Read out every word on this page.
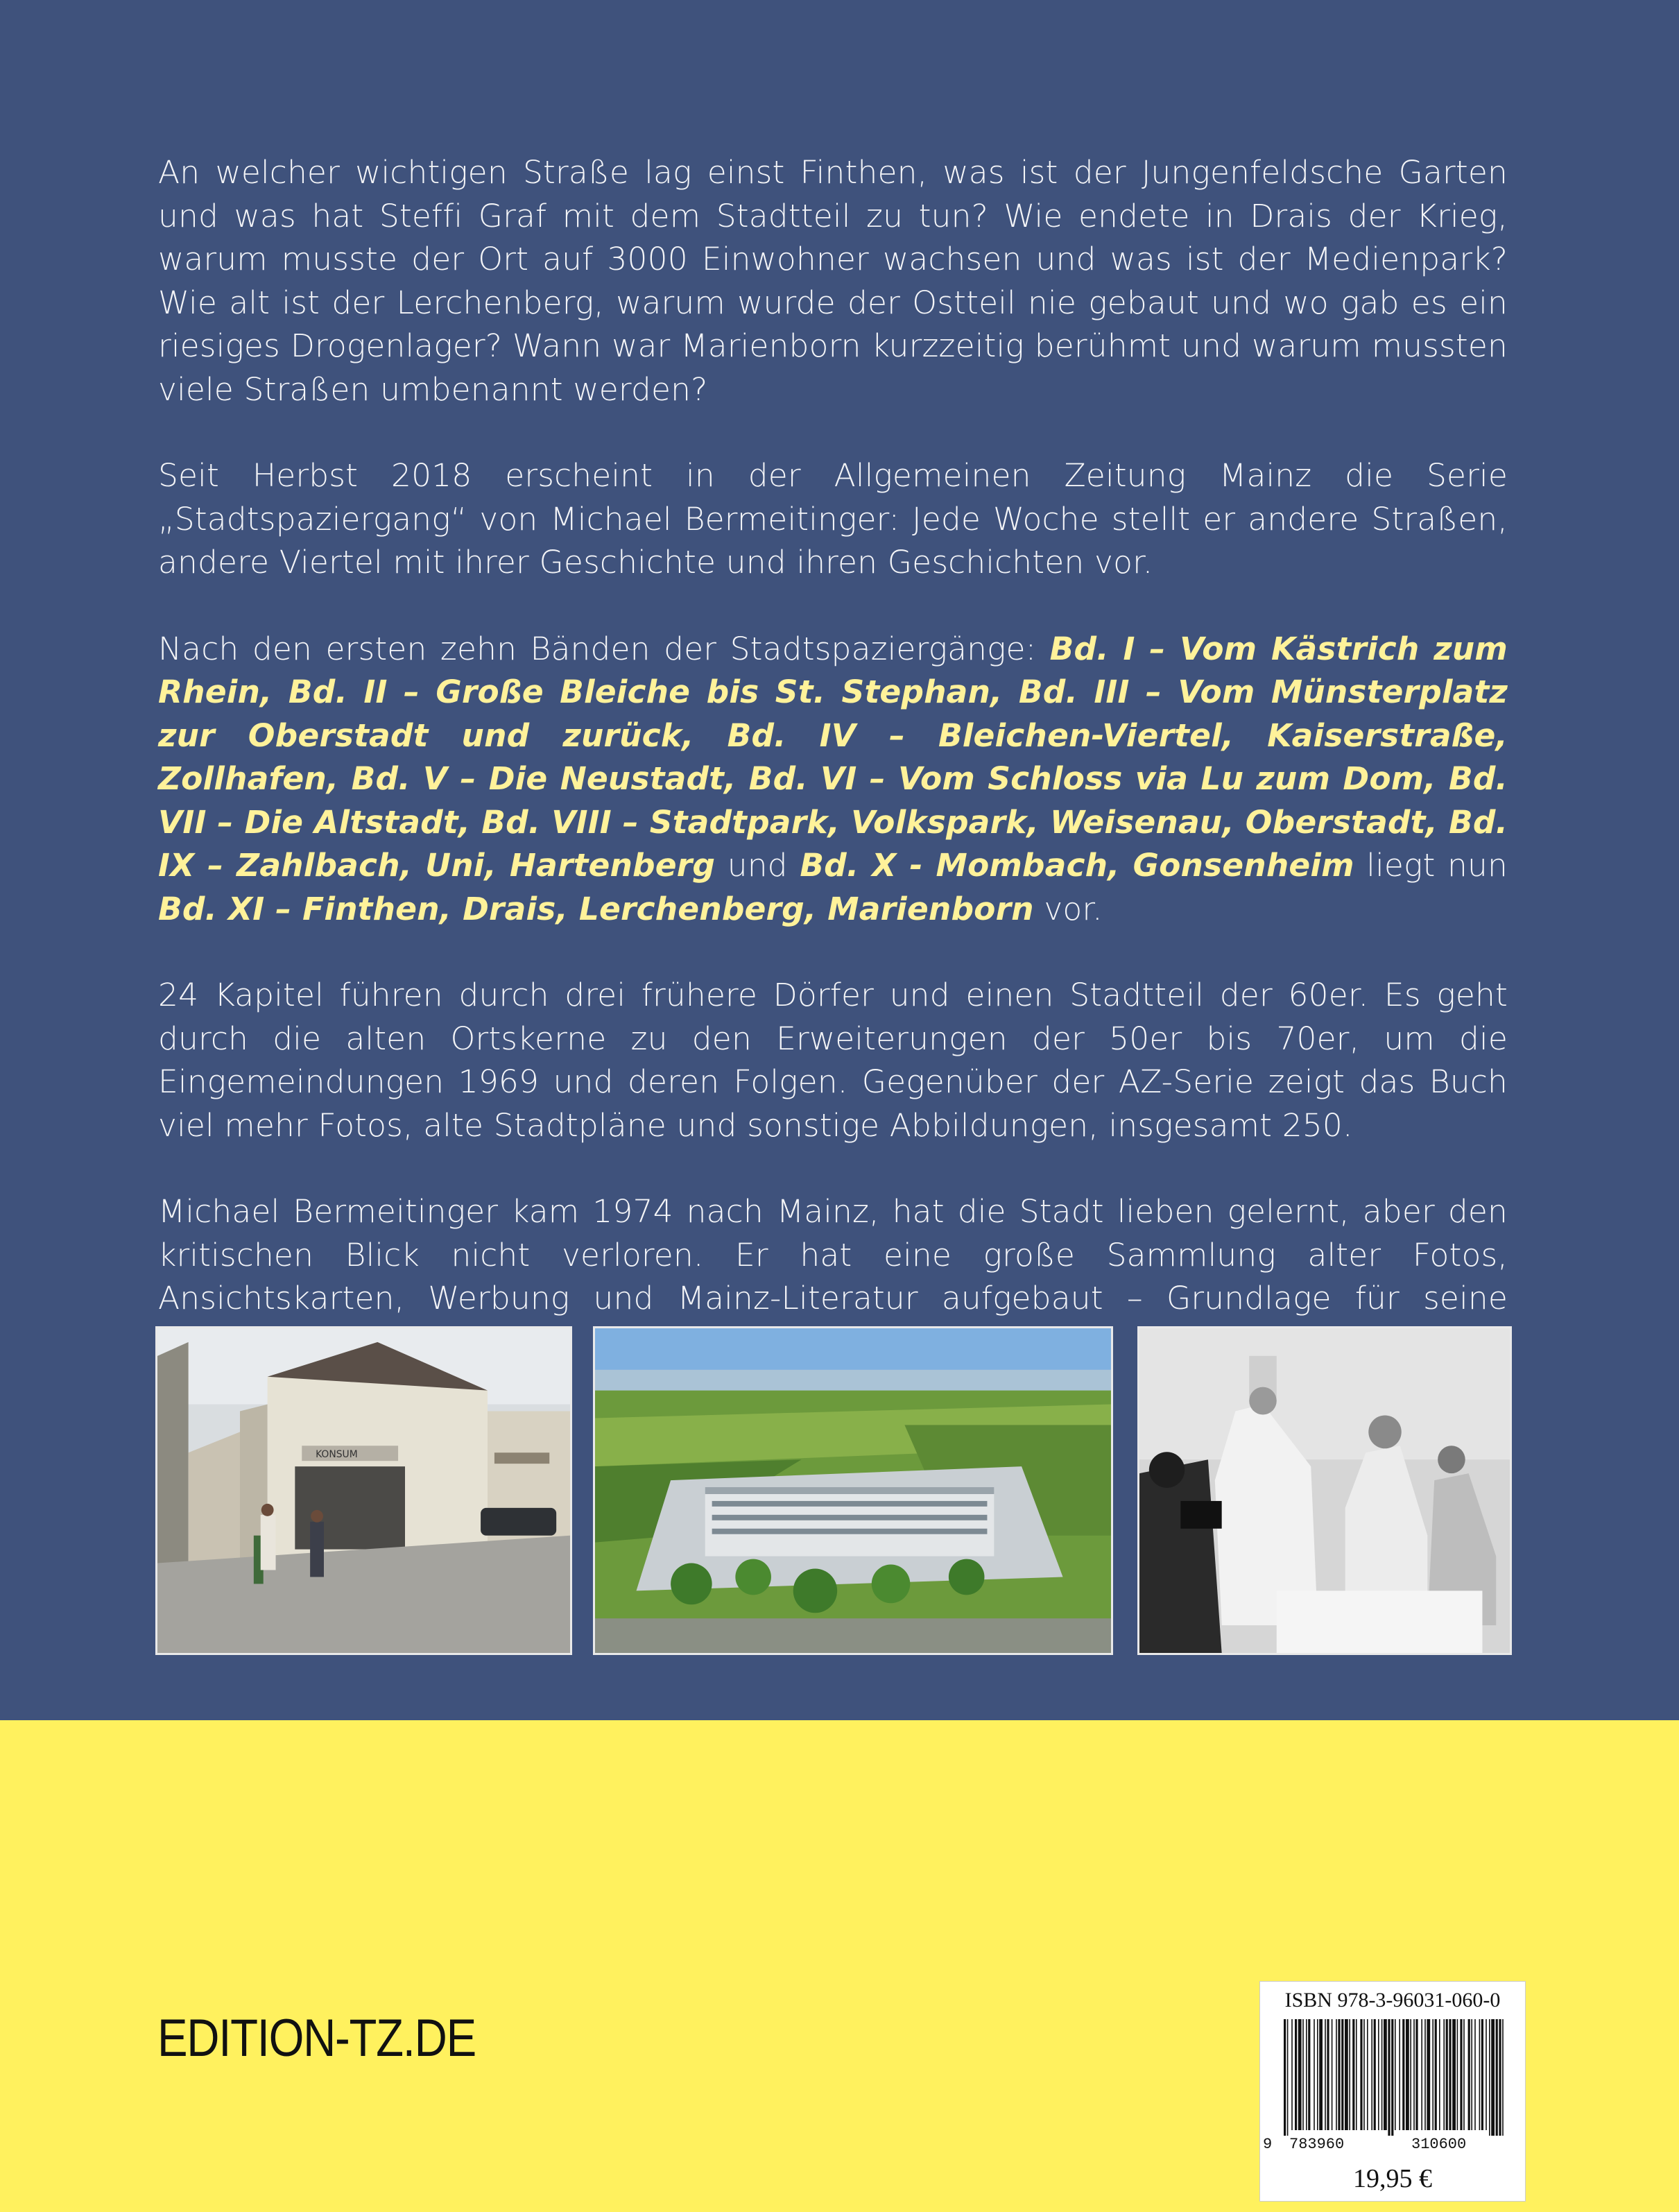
An welcher wichtigen Straße lag einst Finthen, was ist der Jungenfeldsche Garten und was hat Steffi Graf mit dem Stadtteil zu tun? Wie endete in Drais der Krieg, warum musste der Ort auf 3000 Einwohner wachsen und was ist der Medienpark? Wie alt ist der Lerchenberg, warum wurde der Ostteil nie gebaut und wo gab es ein riesiges Drogenlager? Wann war Marienborn kurzzeitig berühmt und warum mussten viele Straßen umbenannt werden?

Seit Herbst 2018 erscheint in der Allgemeinen Zeitung Mainz die Serie „Stadtspaziergang“ von Michael Bermeitinger: Jede Woche stellt er andere Straßen, andere Viertel mit ihrer Geschichte und ihren Geschichten vor.

Nach den ersten zehn Bänden der Stadtspaziergänge: Bd. I – Vom Kästrich zum Rhein, Bd. II – Große Bleiche bis St. Stephan, Bd. III – Vom Münsterplatz zur Oberstadt und zurück, Bd. IV – Bleichen-Viertel, Kaiserstraße, Zollhafen, Bd. V – Die Neustadt, Bd. VI – Vom Schloss via Lu zum Dom, Bd. VII – Die Altstadt, Bd. VIII – Stadtpark, Volkspark, Weisenau, Oberstadt, Bd. IX – Zahlbach, Uni, Hartenberg und Bd. X - Mombach, Gonsenheim liegt nun Bd. XI – Finthen, Drais, Lerchenberg, Marienborn vor.

24 Kapitel führen durch drei frühere Dörfer und einen Stadtteil der 60er. Es geht durch die alten Ortskerne zu den Erweiterungen der 50er bis 70er, um die Eingemeindungen 1969 und deren Folgen. Gegenüber der AZ-Serie zeigt das Buch viel mehr Fotos, alte Stadtpläne und sonstige Abbildungen, insgesamt 250.

Michael Bermeitinger kam 1974 nach Mainz, hat die Stadt lieben gelernt, aber den kritischen Blick nicht verloren. Er hat eine große Sammlung alter Fotos, Ansichtskarten, Werbung und Mainz-Literatur aufgebaut – Grundlage für seine

KONSUM
EDITION-TZ.DE
ISBN 978-3-96031-060-0
9 783960	310600
19,95 €
